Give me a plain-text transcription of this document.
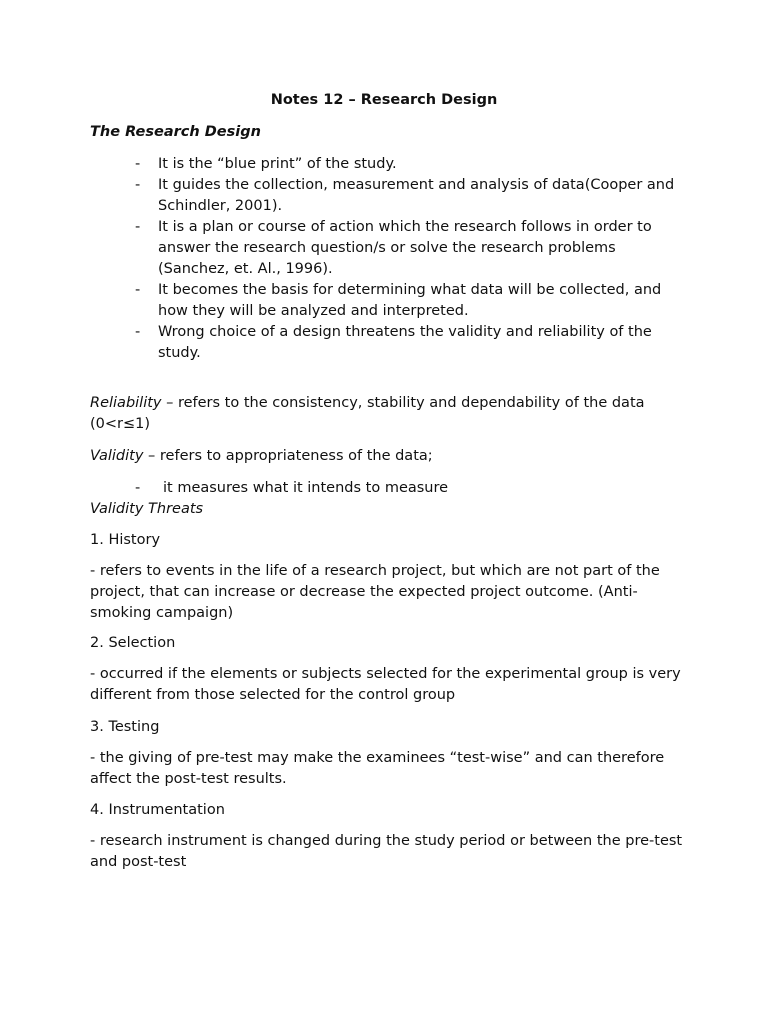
Notes 12 – Research Design
The Research Design
- It is the “blue print” of the study.
- It guides the collection, measurement and analysis of data(Cooper and Schindler, 2001).
- It is a plan or course of action which the research follows in order to answer the research question/s or solve the research problems (Sanchez, et. Al., 1996).
- It becomes the basis for determining what data will be collected, and how they will be analyzed and interpreted.
- Wrong choice of a design threatens the validity and reliability of the study.
Reliability – refers to the consistency, stability and dependability of the data (0<r≤1)
Validity – refers to appropriateness of the data;
- it measures what it intends to measure
Validity Threats
1. History
- refers to events in the life of a research project, but which are not part of the project, that can increase or decrease the expected project outcome. (Anti-smoking campaign)
2. Selection
- occurred if the elements or subjects selected for the experimental group is very different from those selected for the control group
3. Testing
- the giving of pre-test may make the examinees “test-wise” and can therefore affect the post-test results.
4. Instrumentation
- research instrument is changed during the study period or between the pre-test and post-test
